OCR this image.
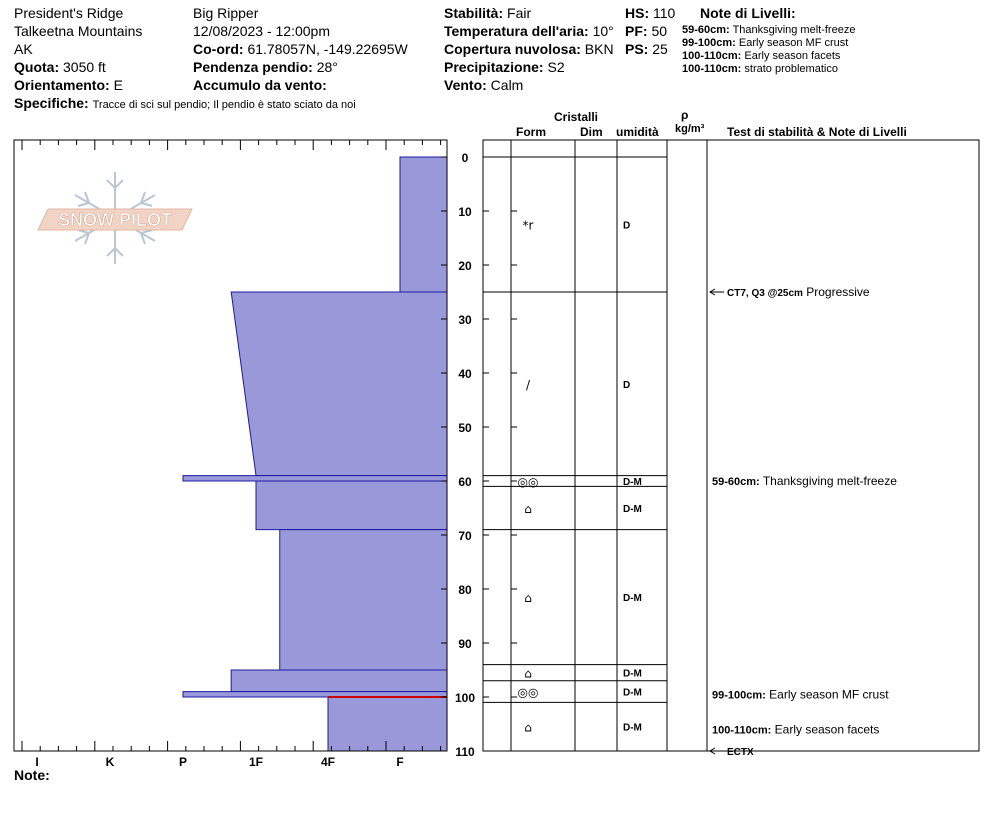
President's Ridge
Talkeetna Mountains
AK
Quota: 3050 ft
Orientamento: E
Specifiche: Tracce di sci sul pendio; Il pendio è stato sciato da noi
Big Ripper
12/08/2023 - 12:00pm
Co-ord: 61.78057N, -149.22695W
Pendenza pendio: 28°
Accumulo da vento:
Stabilità: Fair
Temperatura dell'aria: 10°
Copertura nuvolosa: BKN
Precipitazione: S2
Vento: Calm
HS: 110
PF: 50
PS: 25
Note di Livelli:
59-60cm: Thanksgiving melt-freeze
99-100cm: Early season MF crust
100-110cm: Early season facets
100-110cm: strato problematico
Cristalli
Form	Dim umidità
ρ
kg/m³ Test di stabilità & Note di Livelli
Note:
SNOW PILOT
0
10
20
30
40
50
60
70
80
90
100
110
I	K	P	1F	4F	F
*r	D
/	D
◎◎	D-M
⌂	D-M
⌂	D-M
⌂	D-M
◎◎	D-M
⌂	D-M
CT7, Q3 @25cm Progressive
59-60cm: Thanksgiving melt-freeze
99-100cm: Early season MF crust
100-110cm: Early season facets
ECTX
